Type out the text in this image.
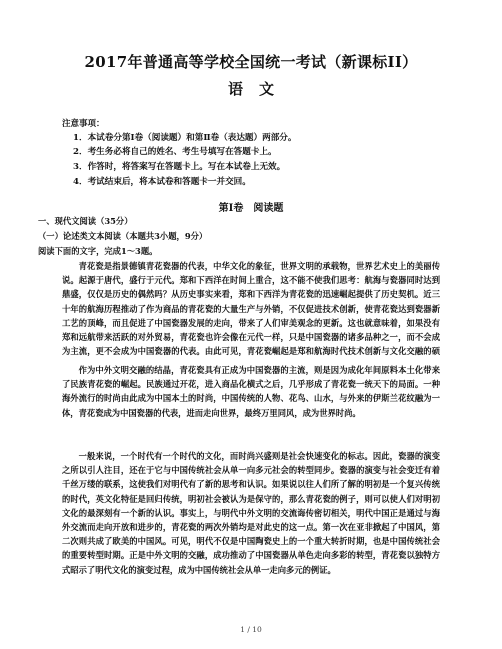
2017年普通高等学校全国统一考试（新课标II）
语文
注意事项：
1．本试卷分第Ⅰ卷（阅读题）和第Ⅱ卷（表达题）两部分。
2．考生务必将自己的姓名、考生号填写在答题卡上。
3．作答时，将答案写在答题卡上。写在本试卷上无效。
4．考试结束后，将本试卷和答题卡一并交回。
第Ⅰ卷　阅读题
一、现代文阅读（35分）
（一）论述类文本阅读（本题共3小题，9分）
阅读下面的文字，完成1～3题。
青花瓷是指景德镇青花瓷器的代表，中华文化的象征，世界文明的承载物，世界艺术史上的美丽传说。起源于唐代，盛行于元代。郑和下西洋在时间上重合，这不能不使我们思考：航海与瓷器同时达到鼎盛，仅仅是历史的偶然吗？从历史事实来看，郑和下西洋为青花瓷的迅速崛起提供了历史契机。近三十年的航海历程推动了作为商品的青花瓷的大量生产与外销，不仅促进技术创新，使青花瓷达到瓷器新工艺的顶峰，而且促进了中国瓷器发展的走向，带来了人们审美观念的更新。这也就意味着，如果没有郑和远航带来活跃的对外贸易，青花瓷也许会像在元代一样，只是中国瓷器的诸多品种之一，而不会成为主流，更不会成为中国瓷器的代表。由此可见，青花瓷崛起是郑和航海时代技术创新与文化交融的硕
作为中外文明交融的结晶，青花瓷具有正成为中国瓷器的主流，则是因为成化年间原料本土化带来了民族青花瓷的崛起。民族通过开花，进入商品化横式之后，几乎形成了青花瓷一统天下的局面。一种海外流行的时尚由此成为中国本土的时尚，中国传统的人物、花鸟、山水，与外来的伊斯兰花纹融为一体，青花瓷成为中国瓷器的代表，进而走向世界，最终万里同风，成为世界时尚。
一般来说，一个时代有一个时代的文化，而时尚兴盛则是社会快速变化的标志。因此，瓷器的演变之所以引人注目，还在于它与中国传统社会从单一向多元社会的转型同步。瓷器的演变与社会变迁有着千丝万缕的联系，这使我们对明代有了新的思考和认识。如果说以往人们所了解的明初是一个复兴传统的时代，英文化特征是回归传统，明初社会被认为是保守的，那么青花瓷的例子，则可以使人们对明初文化的最深刻有一个新的认识。事实上，与明代中外文明的交流诲传密切相关，明代中国正是通过与海外交流而走向开放和进步的，青花瓷的两次外销均是对此史的这一点。第一次在亚非掀起了中国风，第二次则共成了欧美的中国风。可见，明代不仅是中国陶瓷史上的一个重大转折时期，也是中国传统社会的重要转型时期。正是中外文明的交融，成功推动了中国瓷器从单色走向多彩的转型，青花瓷以独特方式昭示了明代文化的演变过程，成为中国传统社会从单一走向多元的例证。
1 / 10
